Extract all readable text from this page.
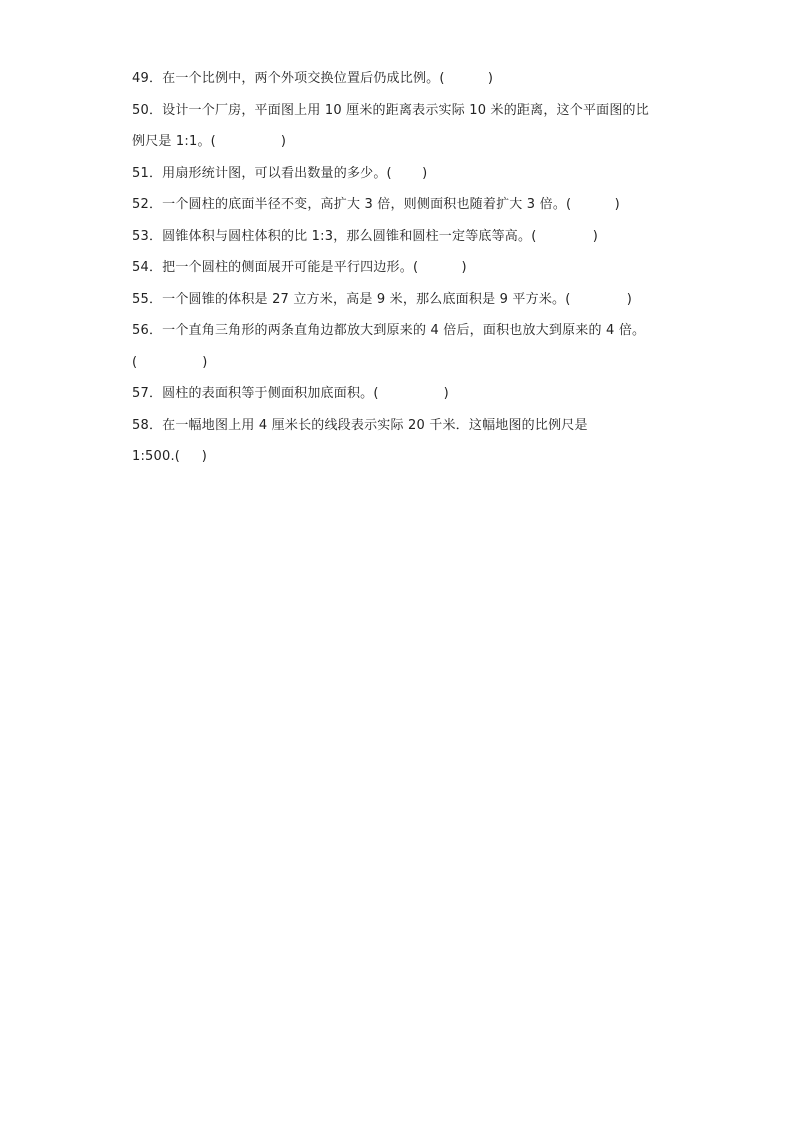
49．在一个比例中，两个外项交换位置后仍成比例。(          )
50．设计一个厂房，平面图上用 10 厘米的距离表示实际 10 米的距离，这个平面图的比
例尺是 1:1。(               )
51．用扇形统计图，可以看出数量的多少。(       )
52．一个圆柱的底面半径不变，高扩大 3 倍，则侧面积也随着扩大 3 倍。(          )
53．圆锥体积与圆柱体积的比 1:3，那么圆锥和圆柱一定等底等高。(             )
54．把一个圆柱的侧面展开可能是平行四边形。(          )
55．一个圆锥的体积是 27 立方米，高是 9 米，那么底面积是 9 平方米。(             )
56．一个直角三角形的两条直角边都放大到原来的 4 倍后，面积也放大到原来的 4 倍。
(               )
57．圆柱的表面积等于侧面积加底面积。(               )
58．在一幅地图上用 4 厘米长的线段表示实际 20 千米．这幅地图的比例尺是
1:500.(     )
